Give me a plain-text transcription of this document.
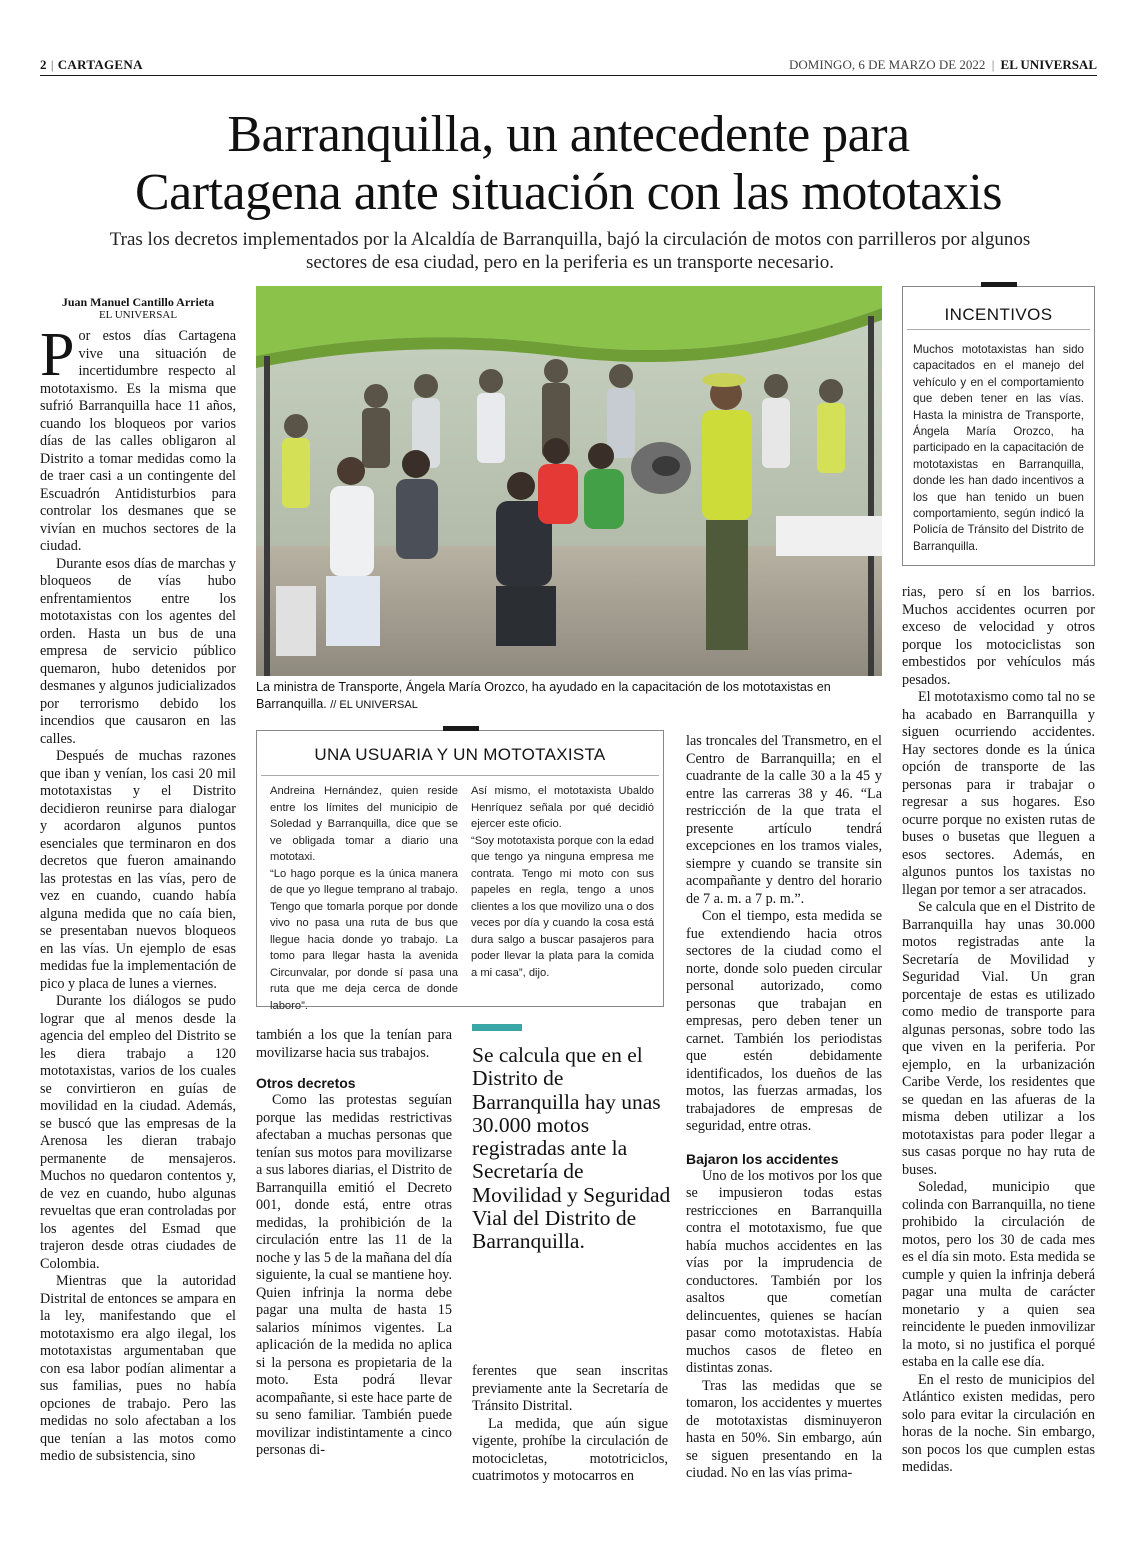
2 | CARTAGENA	DOMINGO, 6 DE MARZO DE 2022 | EL UNIVERSAL
Barranquilla, un antecedente para
Cartagena ante situación con las mototaxis
Tras los decretos implementados por la Alcaldía de Barranquilla, bajó la circulación de motos con parrilleros por algunos sectores de esa ciudad, pero en la periferia es un transporte necesario.
Juan Manuel Cantillo Arrieta
EL UNIVERSAL

Por estos días Cartagena vive una situación de incertidumbre respecto al mototaxismo. Es la misma que sufrió Barranquilla hace 11 años, cuando los bloqueos por varios días de las calles obligaron al Distrito a tomar medidas como la de traer casi a un contingente del Escuadrón Antidisturbios para controlar los desmanes que se vivían en muchos sectores de la ciudad.

Durante esos días de marchas y bloqueos de vías hubo enfrentamientos entre los mototaxistas con los agentes del orden. Hasta un bus de una empresa de servicio público quemaron, hubo detenidos por desmanes y algunos judicializados por terrorismo debido los incendios que causaron en las calles.

Después de muchas razones que iban y venían, los casi 20 mil mototaxistas y el Distrito decidieron reunirse para dialogar y acordaron algunos puntos esenciales que terminaron en dos decretos que fueron amainando las protestas en las vías, pero de vez en cuando, cuando había alguna medida que no caía bien, se presentaban nuevos bloqueos en las vías. Un ejemplo de esas medidas fue la implementación de pico y placa de lunes a viernes.

Durante los diálogos se pudo lograr que al menos desde la agencia del empleo del Distrito se les diera trabajo a 120 mototaxistas, varios de los cuales se convirtieron en guías de movilidad en la ciudad. Además, se buscó que las empresas de la Arenosa les dieran trabajo permanente de mensajeros. Muchos no quedaron contentos y, de vez en cuando, hubo algunas revueltas que eran controladas por los agentes del Esmad que trajeron desde otras ciudades de Colombia.

Mientras que la autoridad Distrital de entonces se ampara en la ley, manifestando que el mototaxismo era algo ilegal, los mototaxistas argumentaban que con esa labor podían alimentar a sus familias, pues no había opciones de trabajo. Pero las medidas no solo afectaban a los que tenían a las motos como medio de subsistencia, sino

La ministra de Transporte, Ángela María Orozco, ha ayudado en la capacitación de los mototaxistas en Barranquilla. // EL UNIVERSAL
INCENTIVOS
Muchos mototaxistas han sido capacitados en el manejo del vehículo y en el comportamiento que deben tener en las vías. Hasta la ministra de Transporte, Ángela María Orozco, ha participado en la capacitación de mototaxistas en Barranquilla, donde les han dado incentivos a los que han tenido un buen comportamiento, según indicó la Policía de Tránsito del Distrito de Barranquilla.

rias, pero sí en los barrios. Muchos accidentes ocurren por exceso de velocidad y otros porque los motociclistas son embestidos por vehículos más pesados.

El mototaxismo como tal no se ha acabado en Barranquilla y siguen ocurriendo accidentes. Hay sectores donde es la única opción de transporte de las personas para ir trabajar o regresar a sus hogares. Eso ocurre porque no existen rutas de buses o busetas que lleguen a esos sectores. Además, en algunos puntos los taxistas no llegan por temor a ser atracados.

Se calcula que en el Distrito de Barranquilla hay unas 30.000 motos registradas ante la Secretaría de Movilidad y Seguridad Vial. Un gran porcentaje de estas es utilizado como medio de transporte para algunas personas, sobre todo las que viven en la periferia. Por ejemplo, en la urbanización Caribe Verde, los residentes que se quedan en las afueras de la misma deben utilizar a los mototaxistas para poder llegar a sus casas porque no hay ruta de buses.

Soledad, municipio que colinda con Barranquilla, no tiene prohibido la circulación de motos, pero los 30 de cada mes es el día sin moto. Esta medida se cumple y quien la infrinja deberá pagar una multa de carácter monetario y a quien sea reincidente le pueden inmovilizar la moto, si no justifica el porqué estaba en la calle ese día.

En el resto de municipios del Atlántico existen medidas, pero solo para evitar la circulación en horas de la noche. Sin embargo, son pocos los que cumplen estas medidas.

UNA USUARIA Y UN MOTOTAXISTA

Andreina Hernández, quien reside entre los límites del municipio de Soledad y Barranquilla, dice que se ve obligada tomar a diario una mototaxi.

“Lo hago porque es la única manera de que yo llegue temprano al trabajo. Tengo que tomarla porque por donde vivo no pasa una ruta de bus que llegue hacia donde yo trabajo. La tomo para llegar hasta la avenida Circunvalar, por donde sí pasa una ruta que me deja cerca de donde laboro”.

Así mismo, el mototaxista Ubaldo Henríquez señala por qué decidió ejercer este oficio.

“Soy mototaxista porque con la edad que tengo ya ninguna empresa me contrata. Tengo mi moto con sus papeles en regla, tengo a unos clientes a los que movilizo una o dos veces por día y cuando la cosa está dura salgo a buscar pasajeros para poder llevar la plata para la comida a mi casa”, dijo.

las troncales del Transmetro, en el Centro de Barranquilla; en el cuadrante de la calle 30 a la 45 y entre las carreras 38 y 46. “La restricción de la que trata el presente artículo tendrá excepciones en los tramos viales, siempre y cuando se transite sin acompañante y dentro del horario de 7 a. m. a 7 p. m.”.

Con el tiempo, esta medida se fue extendiendo hacia otros sectores de la ciudad como el norte, donde solo pueden circular personal autorizado, como personas que trabajan en empresas, pero deben tener un carnet. También los periodistas que estén debidamente identificados, los dueños de las motos, las fuerzas armadas, los trabajadores de empresas de seguridad, entre otras.

Bajaron los accidentes

Uno de los motivos por los que se impusieron todas estas restricciones en Barranquilla contra el mototaxismo, fue que había muchos accidentes en las vías por la imprudencia de conductores. También por los asaltos que cometían delincuentes, quienes se hacían pasar como mototaxistas. Había muchos casos de fleteo en distintas zonas.

Tras las medidas que se tomaron, los accidentes y muertes de mototaxistas disminuyeron hasta en 50%. Sin embargo, aún se siguen presentando en la ciudad. No en las vías prima-

también a los que la tenían para movilizarse hacia sus trabajos.

Otros decretos

Como las protestas seguían porque las medidas restrictivas afectaban a muchas personas que tenían sus motos para movilizarse a sus labores diarias, el Distrito de Barranquilla emitió el Decreto 001, donde está, entre otras medidas, la prohibición de la circulación entre las 11 de la noche y las 5 de la mañana del día siguiente, la cual se mantiene hoy. Quien infrinja la norma debe pagar una multa de hasta 15 salarios mínimos vigentes. La aplicación de la medida no aplica si la persona es propietaria de la moto. Esta podrá llevar acompañante, si este hace parte de su seno familiar. También puede movilizar indistintamente a cinco personas di-

Se calcula que en el Distrito de Barranquilla hay unas 30.000 motos registradas ante la Secretaría de Movilidad y Seguridad Vial del Distrito de Barranquilla.

ferentes que sean inscritas previamente ante la Secretaría de Tránsito Distrital.

La medida, que aún sigue vigente, prohíbe la circulación de motocicletas, mototriciclos, cuatrimotos y motocarros en
